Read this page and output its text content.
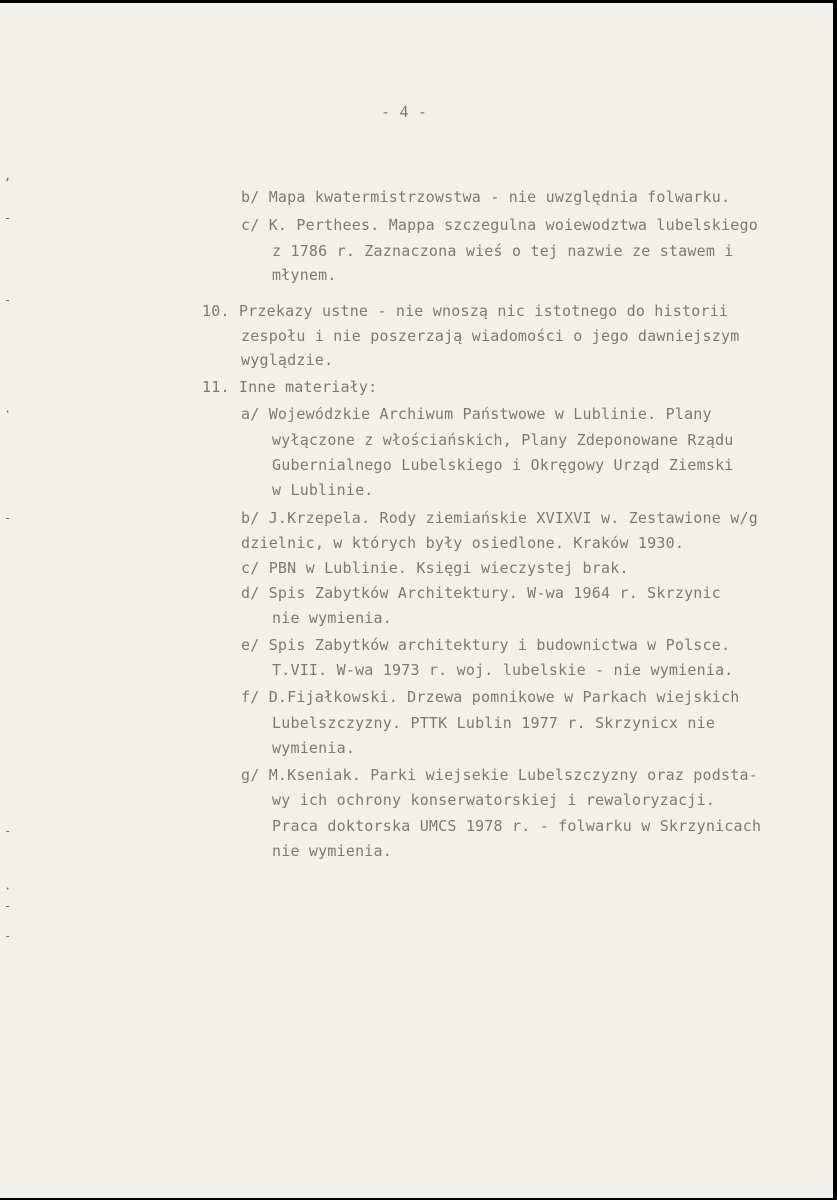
- 4 -
b/ Mapa kwatermistrzowstwa - nie uwzględnia folwarku.
c/ K. Perthees. Mappa szczegulna woiewodztwa lubelskiego
z 1786 r. Zaznaczona wieś o tej nazwie ze stawem i
młynem.
10. Przekazy ustne - nie wnoszą nic istotnego do historii
zespołu i nie poszerzają wiadomości o jego dawniejszym
wyglądzie.
11. Inne materiały:
a/ Wojewódzkie Archiwum Państwowe w Lublinie. Plany
wyłączone z włościańskich, Plany Zdeponowane Rządu
Gubernialnego Lubelskiego i Okręgowy Urząd Ziemski
w Lublinie.
b/ J.Krzepela. Rody ziemiańskie XVIXVI w. Zestawione w/g
dzielnic, w których były osiedlone. Kraków 1930.
c/ PBN w Lublinie. Księgi wieczystej brak.
d/ Spis Zabytków Architektury. W-wa 1964 r. Skrzynic
nie wymienia.
e/ Spis Zabytków architektury i budownictwa w Polsce.
T.VII. W-wa 1973 r. woj. lubelskie - nie wymienia.
f/ D.Fijałkowski. Drzewa pomnikowe w Parkach wiejskich
Lubelszczyzny. PTTK Lublin 1977 r. Skrzynicx nie
wymienia.
g/ M.Kseniak. Parki wiejsekie Lubelszczyzny oraz podsta-
wy ich ochrony konserwatorskiej i rewaloryzacji.
Praca doktorska UMCS 1978 r. - folwarku w Skrzynicach
nie wymienia.
,
-
-
·
-
-
·
-
-
